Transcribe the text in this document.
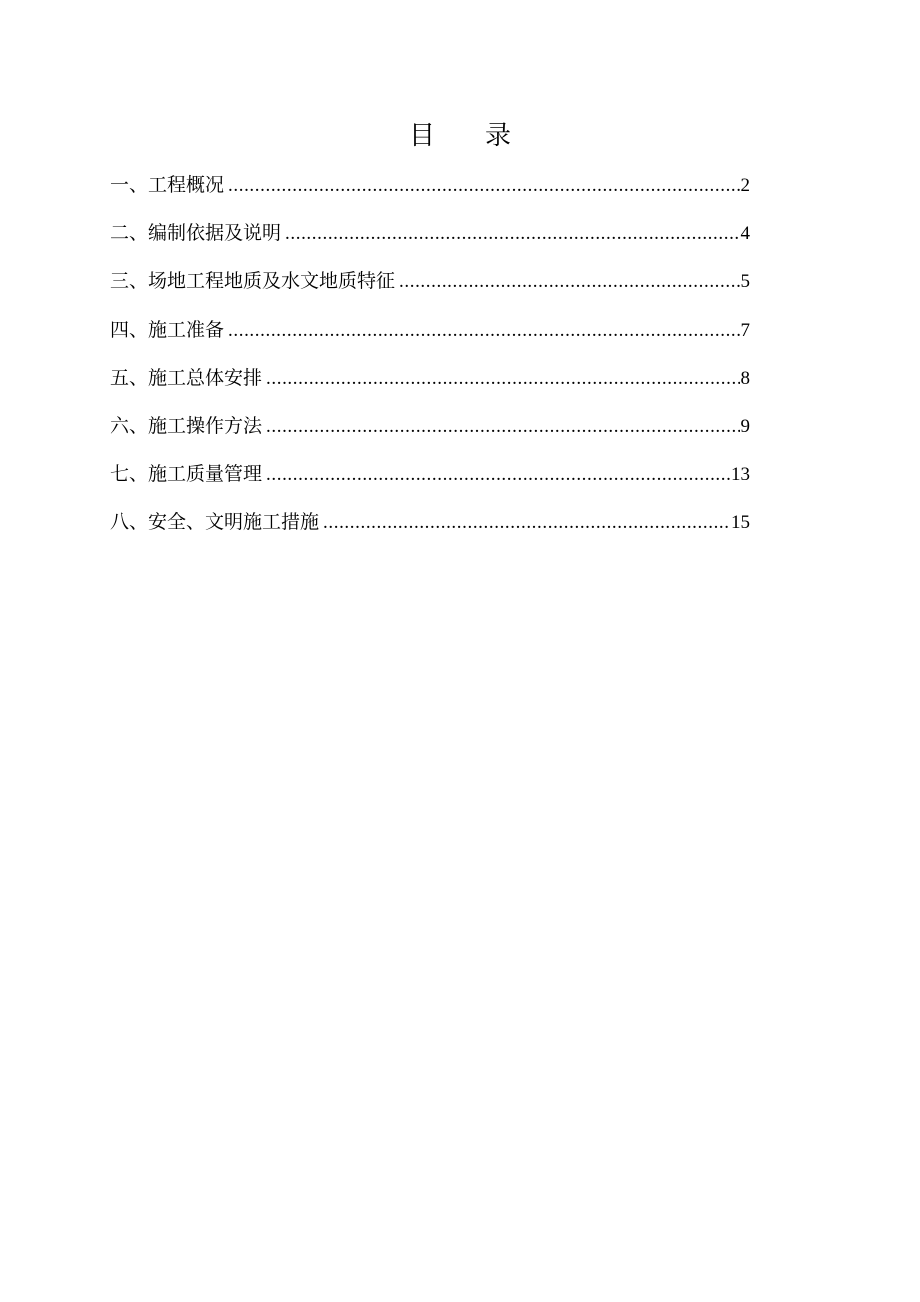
目 录
一、工程概况 .....	2
二、编制依据及说明 .....	4
三、场地工程地质及水文地质特征 .....	5
四、施工准备 .....	7
五、施工总体安排 .....	8
六、施工操作方法 .....	9
七、施工质量管理 .....	13
八、安全、文明施工措施 .....	15
